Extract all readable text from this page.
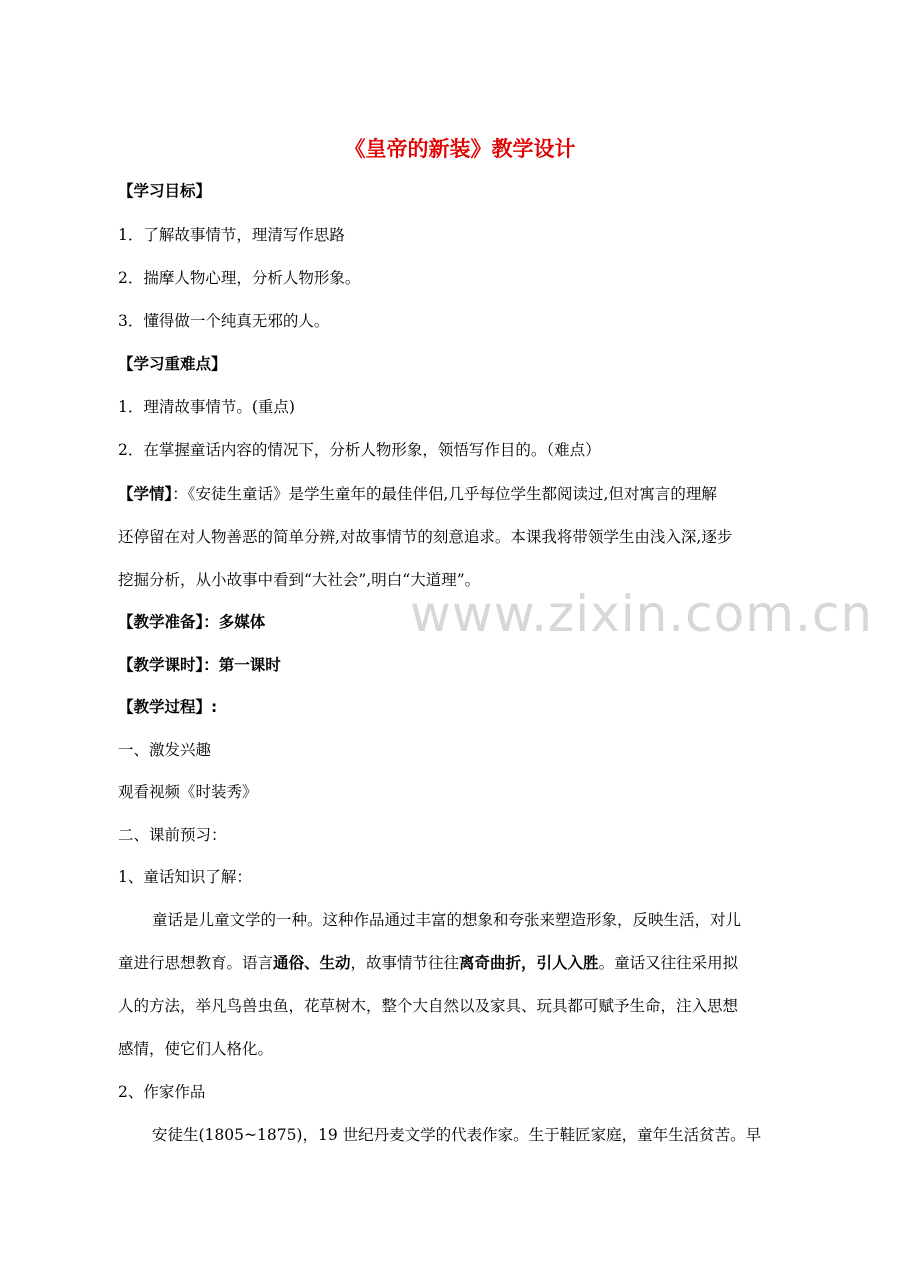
www.zixin.com.cn
《皇帝的新装》教学设计
【学习目标】
1．了解故事情节，理清写作思路
2．揣摩人物心理，分析人物形象。
3．懂得做一个纯真无邪的人。
【学习重难点】
1．理清故事情节。(重点)
2．在掌握童话内容的情况下，分析人物形象，领悟写作目的。（难点）
【学情】：《安徒生童话》是学生童年的最佳伴侣,几乎每位学生都阅读过,但对寓言的理解
还停留在对人物善恶的简单分辨,对故事情节的刻意追求。本课我将带领学生由浅入深,逐步
挖掘分析，从小故事中看到“大社会”,明白“大道理”。
【教学准备】：多媒体
【教学课时】：第一课时
【教学过程】:
一、激发兴趣
观看视频《时装秀》
二、课前预习：
1、童话知识了解：
童话是儿童文学的一种。这种作品通过丰富的想象和夸张来塑造形象，反映生活，对儿
童进行思想教育。语言通俗、生动，故事情节往往离奇曲折，引人入胜。童话又往往采用拟
人的方法，举凡鸟兽虫鱼，花草树木，整个大自然以及家具、玩具都可赋予生命，注入思想
感情，使它们人格化。
2、作家作品
安徒生(1805~1875)，19 世纪丹麦文学的代表作家。生于鞋匠家庭，童年生活贫苦。早
